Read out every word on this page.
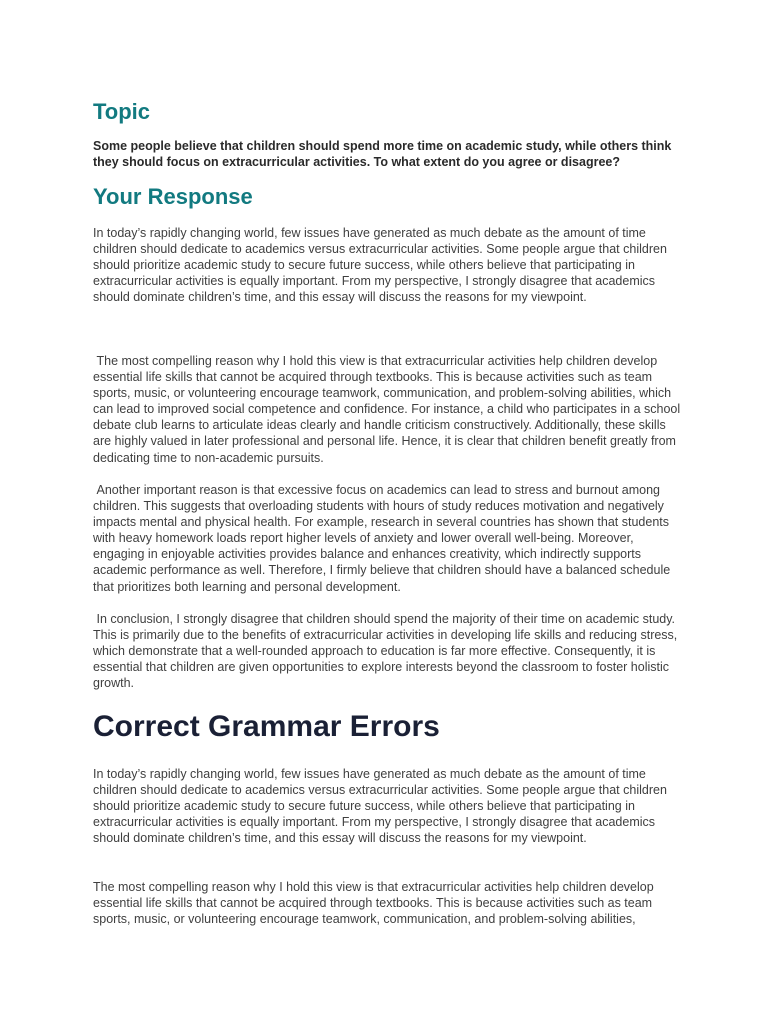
Topic

Some people believe that children should spend more time on academic study, while others think they should focus on extracurricular activities. To what extent do you agree or disagree?

Your Response

In today’s rapidly changing world, few issues have generated as much debate as the amount of time children should dedicate to academics versus extracurricular activities. Some people argue that children should prioritize academic study to secure future success, while others believe that participating in extracurricular activities is equally important. From my perspective, I strongly disagree that academics should dominate children’s time, and this essay will discuss the reasons for my viewpoint.

The most compelling reason why I hold this view is that extracurricular activities help children develop essential life skills that cannot be acquired through textbooks. This is because activities such as team sports, music, or volunteering encourage teamwork, communication, and problem-solving abilities, which can lead to improved social competence and confidence. For instance, a child who participates in a school debate club learns to articulate ideas clearly and handle criticism constructively. Additionally, these skills are highly valued in later professional and personal life. Hence, it is clear that children benefit greatly from dedicating time to non-academic pursuits.

Another important reason is that excessive focus on academics can lead to stress and burnout among children. This suggests that overloading students with hours of study reduces motivation and negatively impacts mental and physical health. For example, research in several countries has shown that students with heavy homework loads report higher levels of anxiety and lower overall well-being. Moreover, engaging in enjoyable activities provides balance and enhances creativity, which indirectly supports academic performance as well. Therefore, I firmly believe that children should have a balanced schedule that prioritizes both learning and personal development.

In conclusion, I strongly disagree that children should spend the majority of their time on academic study. This is primarily due to the benefits of extracurricular activities in developing life skills and reducing stress, which demonstrate that a well-rounded approach to education is far more effective. Consequently, it is essential that children are given opportunities to explore interests beyond the classroom to foster holistic growth.

Correct Grammar Errors

In today’s rapidly changing world, few issues have generated as much debate as the amount of time children should dedicate to academics versus extracurricular activities. Some people argue that children should prioritize academic study to secure future success, while others believe that participating in extracurricular activities is equally important. From my perspective, I strongly disagree that academics should dominate children’s time, and this essay will discuss the reasons for my viewpoint.

The most compelling reason why I hold this view is that extracurricular activities help children develop essential life skills that cannot be acquired through textbooks. This is because activities such as team sports, music, or volunteering encourage teamwork, communication, and problem-solving abilities,
